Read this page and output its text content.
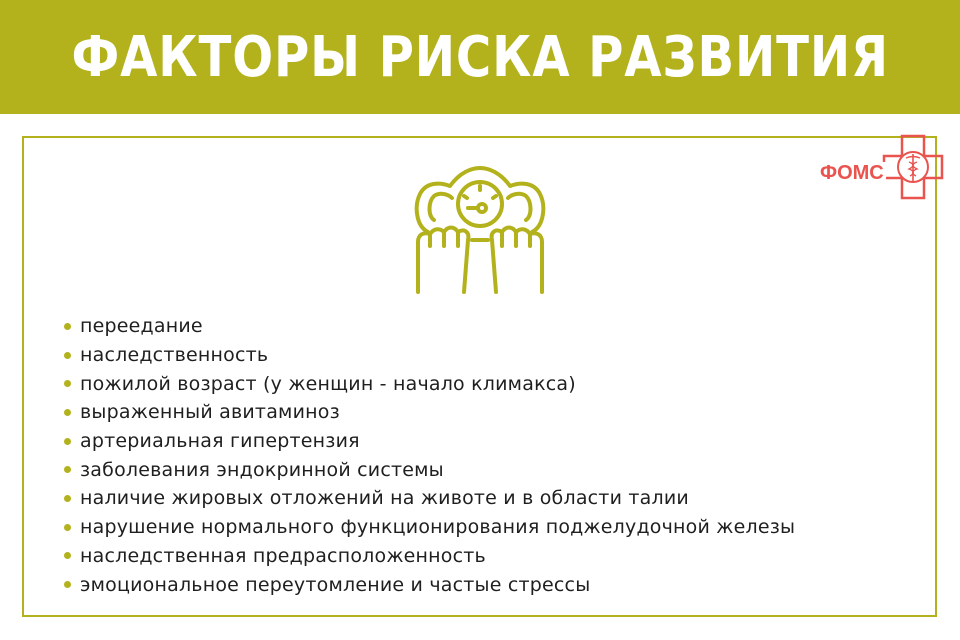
ФАКТОРЫ РИСКА РАЗВИТИЯ
ФОМС
переедание
наследственность
пожилой возраст (у женщин - начало климакса)
выраженный авитаминоз
артериальная гипертензия
заболевания эндокринной системы
наличие жировых отложений на животе и в области талии
нарушение нормального функционирования поджелудочной железы
наследственная предрасположенность
эмоциональное переутомление и частые стрессы
